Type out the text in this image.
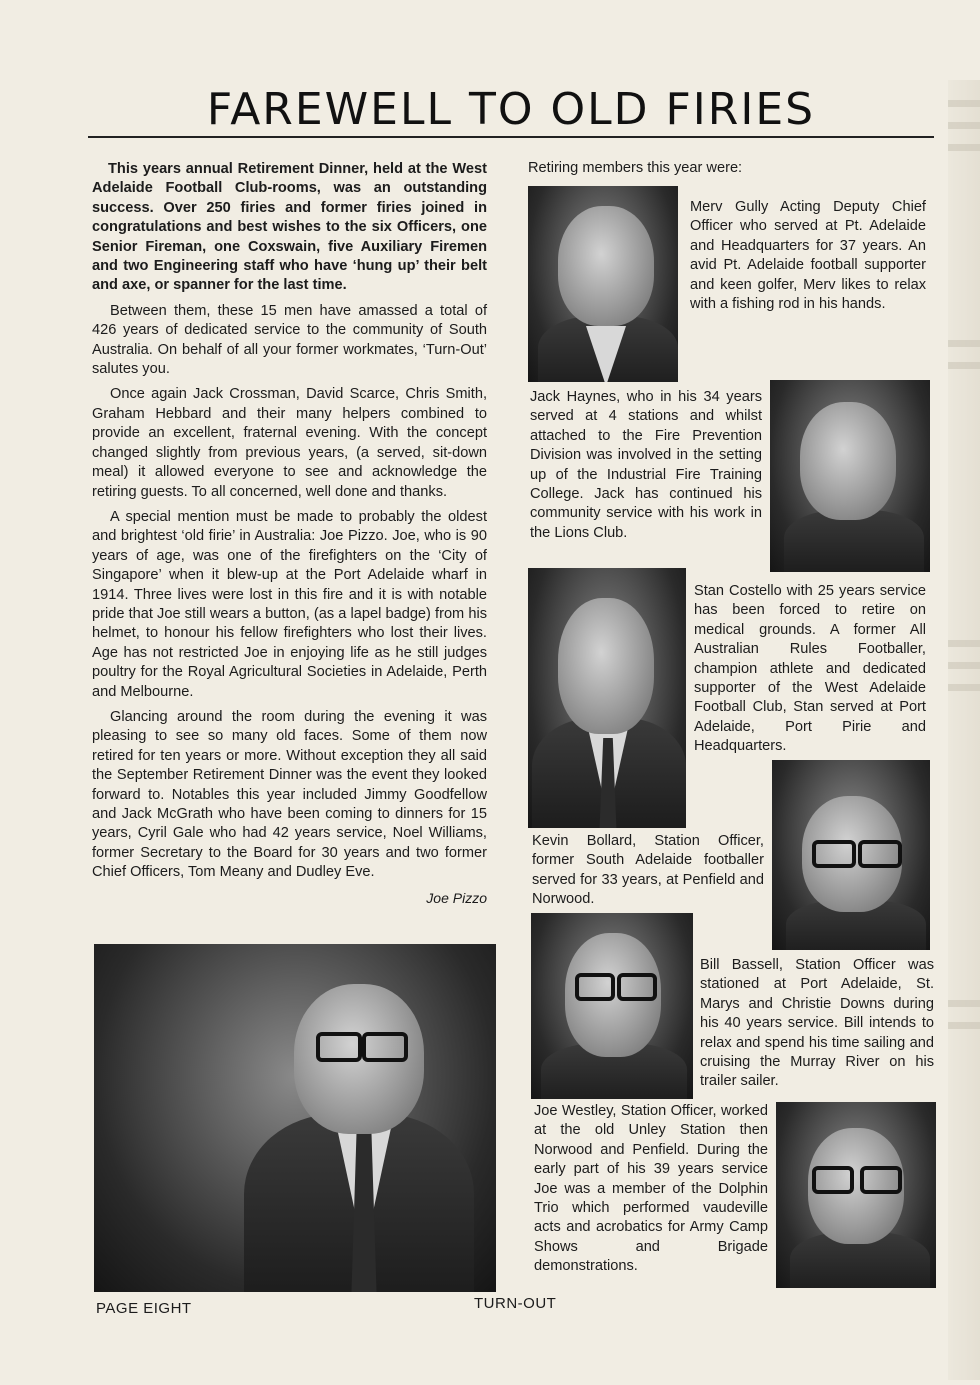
FAREWELL TO OLD FIRIES

This years annual Retirement Dinner, held at the West Adelaide Football Club-rooms, was an outstanding success. Over 250 firies and former firies joined in congratulations and best wishes to the six Officers, one Senior Fireman, one Coxswain, five Auxiliary Firemen and two Engineering staff who have ‘hung up’ their belt and axe, or spanner for the last time.

Between them, these 15 men have amassed a total of 426 years of dedicated service to the community of South Australia. On behalf of all your former workmates, ‘Turn-Out’ salutes you.

Once again Jack Crossman, David Scarce, Chris Smith, Graham Hebbard and their many helpers combined to provide an excellent, fraternal evening. With the concept changed slightly from previous years, (a served, sit-down meal) it allowed everyone to see and acknowledge the retiring guests. To all concerned, well done and thanks.

A special mention must be made to probably the oldest and brightest ‘old firie’ in Australia: Joe Pizzo. Joe, who is 90 years of age, was one of the firefighters on the ‘City of Singapore’ when it blew-up at the Port Adelaide wharf in 1914. Three lives were lost in this fire and it is with notable pride that Joe still wears a button, (as a lapel badge) from his helmet, to honour his fellow firefighters who lost their lives. Age has not restricted Joe in enjoying life as he still judges poultry for the Royal Agricultural Societies in Adelaide, Perth and Melbourne.

Glancing around the room during the evening it was pleasing to see so many old faces. Some of them now retired for ten years or more. Without exception they all said the September Retirement Dinner was the event they looked forward to. Notables this year included Jimmy Goodfellow and Jack McGrath who have been coming to dinners for 15 years, Cyril Gale who had 42 years service, Noel Williams, former Secretary to the Board for 30 years and two former Chief Officers, Tom Meany and Dudley Eve.

Joe Pizzo

Retiring members this year were:

Merv Gully Acting Deputy Chief Officer who served at Pt. Adelaide and Headquarters for 37 years. An avid Pt. Adelaide football supporter and keen golfer, Merv likes to relax with a fishing rod in his hands.

Jack Haynes, who in his 34 years served at 4 stations and whilst attached to the Fire Prevention Division was involved in the setting up of the Industrial Fire Training College. Jack has continued his community service with his work in the Lions Club.

Stan Costello with 25 years service has been forced to retire on medical grounds. A former All Australian Rules Footballer, champion athlete and dedicated supporter of the West Adelaide Football Club, Stan served at Port Adelaide, Port Pirie and Headquarters.

Kevin Bollard, Station Officer, former South Adelaide footballer served for 33 years, at Penfield and Norwood.

Bill Bassell, Station Officer was stationed at Port Adelaide, St. Marys and Christie Downs during his 40 years service. Bill intends to relax and spend his time sailing and cruising the Murray River on his trailer sailer.

Joe Westley, Station Officer, worked at the old Unley Station then Norwood and Penfield. During the early part of his 39 years service Joe was a member of the Dolphin Trio which performed vaudeville acts and acrobatics for Army Camp Shows and Brigade demonstrations.

PAGE EIGHT	TURN-OUT
